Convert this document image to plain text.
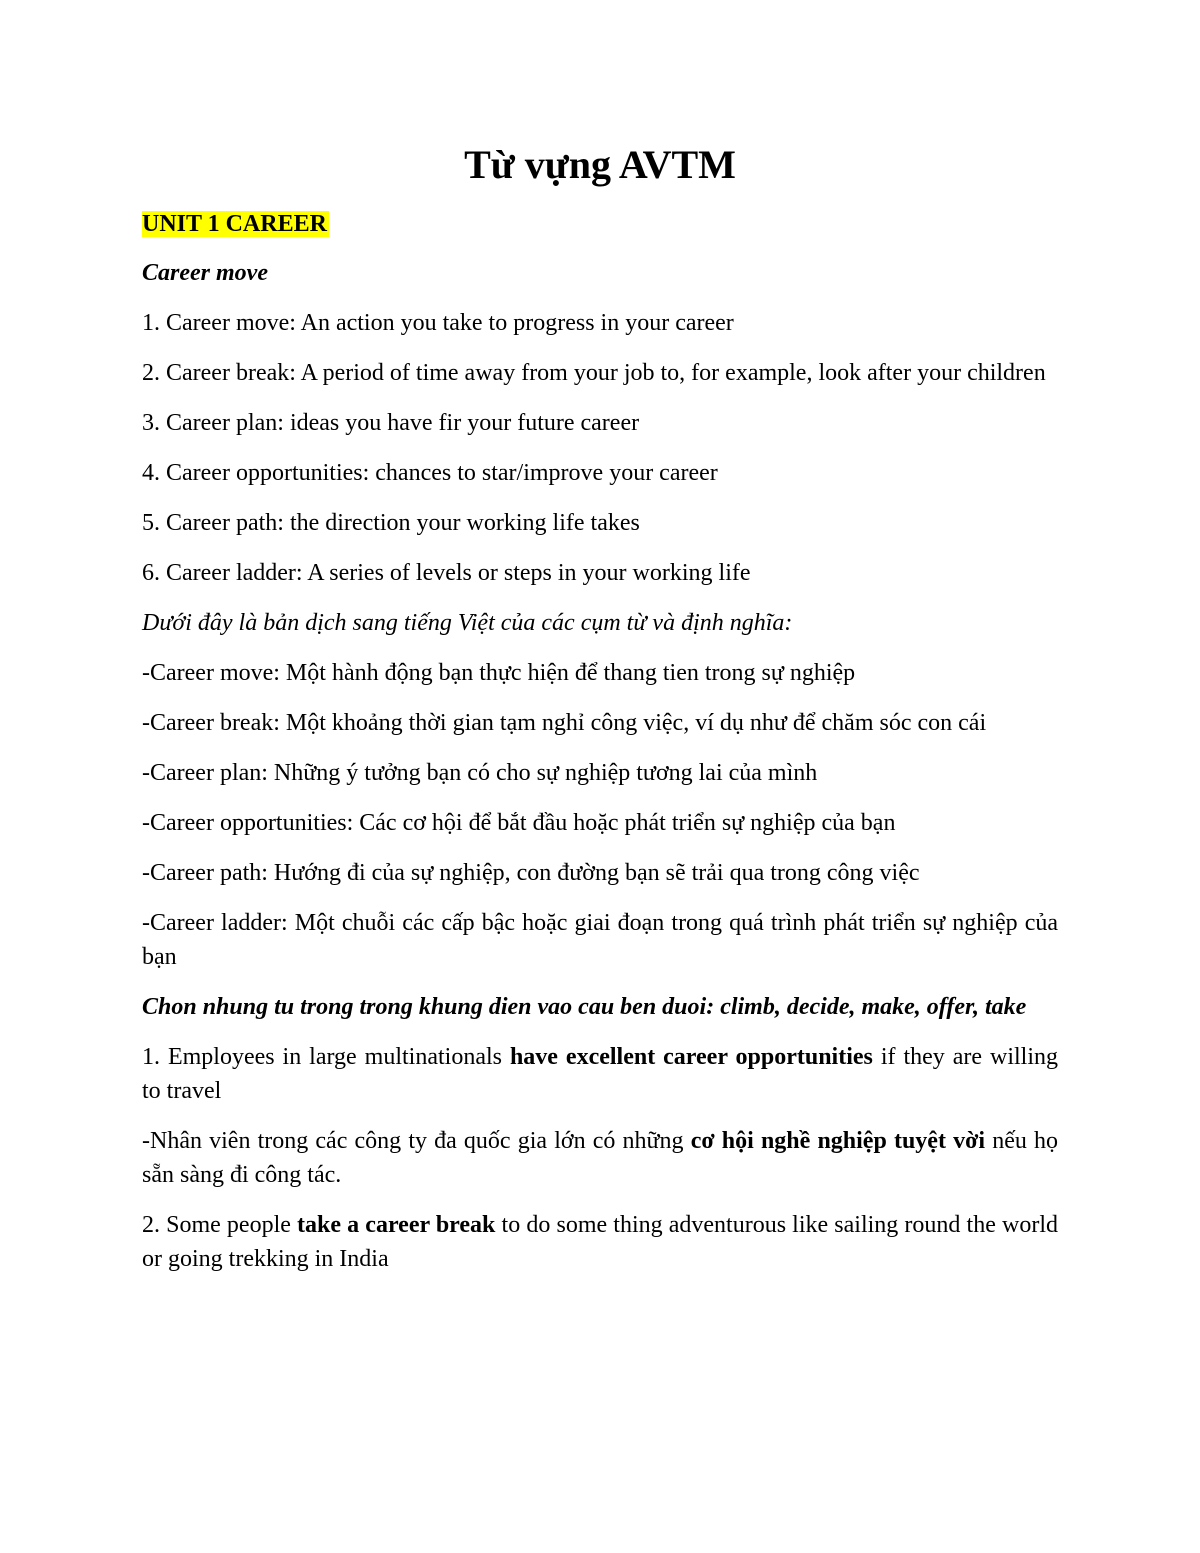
Từ vựng AVTM
UNIT 1 CAREER

Career move

1. Career move: An action you take to progress in your career

2. Career break: A period of time away from your job to, for example, look after your children

3. Career plan: ideas you have fir your future career

4. Career opportunities: chances to star/improve your career

5. Career path: the direction your working life takes

6. Career ladder: A series of levels or steps in your working life

Dưới đây là bản dịch sang tiếng Việt của các cụm từ và định nghĩa:

-Career move: Một hành động bạn thực hiện để thang tien trong sự nghiệp

-Career break: Một khoảng thời gian tạm nghỉ công việc, ví dụ như để chăm sóc con cái

-Career plan: Những ý tưởng bạn có cho sự nghiệp tương lai của mình

-Career opportunities: Các cơ hội để bắt đầu hoặc phát triển sự nghiệp của bạn

-Career path: Hướng đi của sự nghiệp, con đường bạn sẽ trải qua trong công việc

-Career ladder: Một chuỗi các cấp bậc hoặc giai đoạn trong quá trình phát triển sự nghiệp của bạn

Chon nhung tu trong trong khung dien vao cau ben duoi: climb, decide, make, offer, take

1. Employees in large multinationals have excellent career opportunities if they are willing to travel

-Nhân viên trong các công ty đa quốc gia lớn có những cơ hội nghề nghiệp tuyệt vời nếu họ sẵn sàng đi công tác.

2. Some people take a career break to do some thing adventurous like sailing round the world or going trekking in India
